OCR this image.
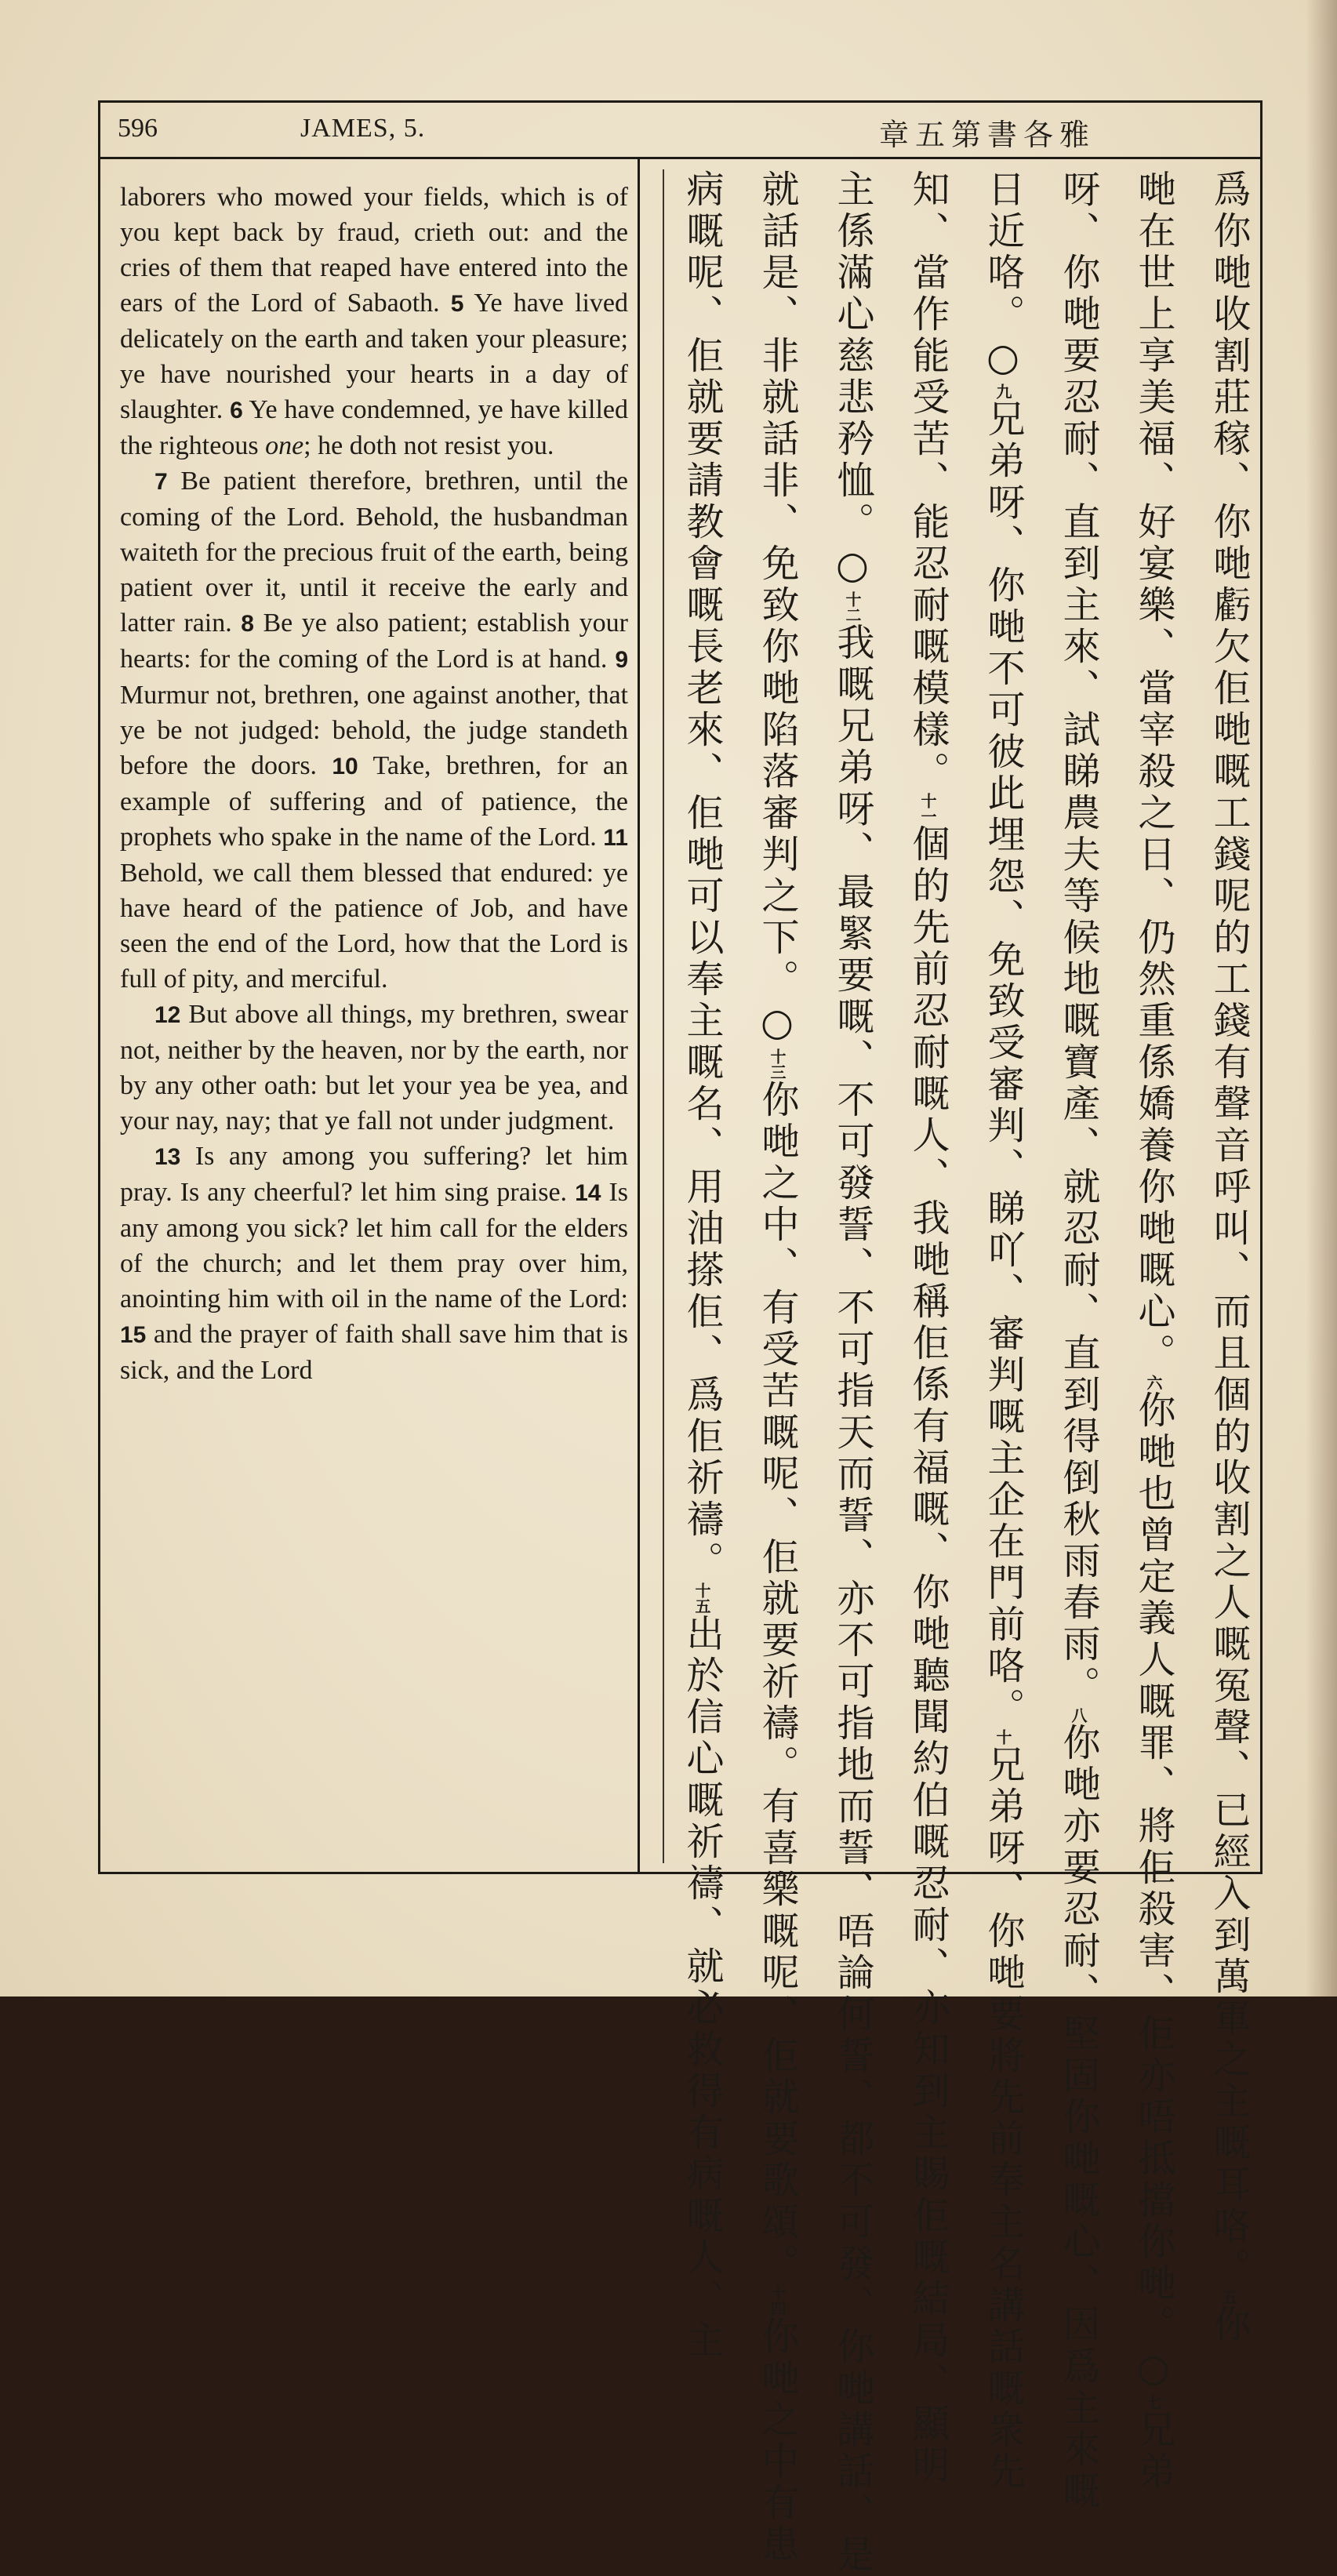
596	JAMES, 5.	章五第書各雅

laborers who mowed your fields, which is of you kept back by fraud, crieth out: and the cries of them that reaped have entered into the ears of the Lord of Sabaoth. 5 Ye have lived delicately on the earth and taken your pleasure; ye have nourished your hearts in a day of slaughter. 6 Ye have condemned, ye have killed the righteous one; he doth not resist you.

7 Be patient therefore, brethren, until the coming of the Lord. Behold, the husbandman waiteth for the precious fruit of the earth, being patient over it, until it receive the early and latter rain. 8 Be ye also patient; establish your hearts: for the coming of the Lord is at hand. 9 Murmur not, brethren, one against another, that ye be not judged: behold, the judge standeth before the doors. 10 Take, brethren, for an example of suffering and of patience, the prophets who spake in the name of the Lord. 11 Behold, we call them blessed that endured: ye have heard of the patience of Job, and have seen the end of the Lord, how that the Lord is full of pity, and merciful.

12 But above all things, my brethren, swear not, neither by the heaven, nor by the earth, nor by any other oath: but let your yea be yea, and your nay, nay; that ye fall not under judgment.

13 Is any among you suffering? let him pray. Is any cheerful? let him sing praise. 14 Is any among you sick? let him call for the elders of the church; and let them pray over him, anointing him with oil in the name of the Lord: 15 and the prayer of faith shall save him that is sick, and the Lord	爲你哋收割莊稼、你哋虧欠佢哋嘅工錢呢的工錢有聲音呼叫、而且個的收割之人嘅冤聲、已經入到萬軍之主嘅耳咯。五你
哋在世上享美福、好宴樂、當宰殺之日、仍然重係嬌養你哋嘅心。六你哋也曾定義人嘅罪、將佢殺害、佢亦唔抵擋你哋。○七兄弟
呀、你哋要忍耐、直到主來、試睇農夫等候地嘅寶產、就忍耐、直到得倒秋雨春雨。八你哋亦要忍耐、堅固你哋嘅心、因爲主來嘅
日近咯。○九兄弟呀、你哋不可彼此埋怨、免致受審判、睇吖、審判嘅主企在門前咯。十兄弟呀、你哋要將先前奉主名講話嘅衆先
知、當作能受苦、能忍耐嘅模樣。十一個的先前忍耐嘅人、我哋稱佢係有福嘅、你哋聽聞約伯嘅忍耐、亦知到主賜佢嘅結局、顯明
主係滿心慈悲矜恤。○十二我嘅兄弟呀、最緊要嘅、不可發誓、不可指天而誓、亦不可指地而誓、唔論何誓、都不可發、你哋講話、是
就話是、非就話非、免致你哋陷落審判之下。○十三你哋之中、有受苦嘅呢、佢就要祈禱。有喜樂嘅呢、佢就要歌頌。十四你哋之中有患
病嘅呢、佢就要請教會嘅長老來、佢哋可以奉主嘅名、用油搽佢、爲佢祈禱。十五出於信心嘅祈禱、就必救得有病嘅人、主
